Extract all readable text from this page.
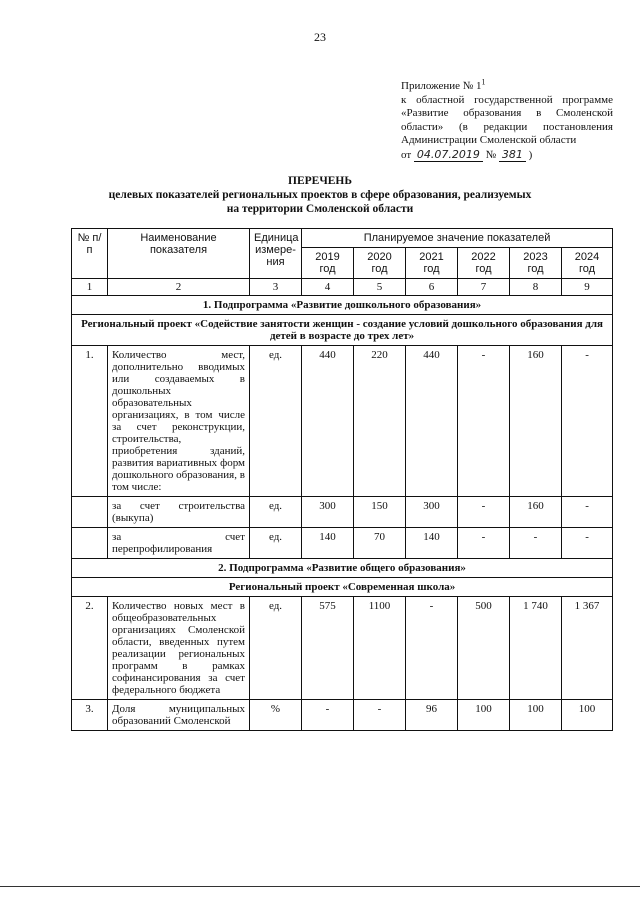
23
Приложение № $1^1$
к областной государственной программе
«Развитие образования в Смоленской
области» (в редакции постановления
Администрации Смоленской области
от 04.07.2019 № 381 )
ПЕРЕЧЕНЬ
целевых показателей региональных проектов в сфере образования, реализуемых
на территории Смоленской области
№ п/п	Наименование показателя	Единица измере-ния	Планируемое значение показателей					
			2019 год	2020 год	2021 год	2022 год	2023 год	2024 год
1	2	3	4	5	6	7	8	9
1. Подпрограмма «Развитие дошкольного образования»								
Региональный проект «Содействие занятости женщин - создание условий дошкольного образования для детей в возрасте до трех лет»								
1.	Количество мест, дополнительно вводимых или создаваемых в дошкольных образовательных организациях, в том числе за счет реконструкции, строительства, приобретения зданий, развития вариативных форм дошкольного образования, в том числе:	ед.	440	220	440	-	160	-
	за счет строительства (выкупа)	ед.	300	150	300	-	160	-
	за счет перепрофилирования	ед.	140	70	140	-	-	-
2. Подпрограмма «Развитие общего образования»								
Региональный проект «Современная школа»								
2.	Количество новых мест в общеобразовательных организациях Смоленской области, введенных путем реализации региональных программ в рамках софинансирования за счет федерального бюджета	ед.	575	1100	-	500	1 740	1 367
3.	Доля муниципальных образований Смоленской	%	-	-	96	100	100	100
